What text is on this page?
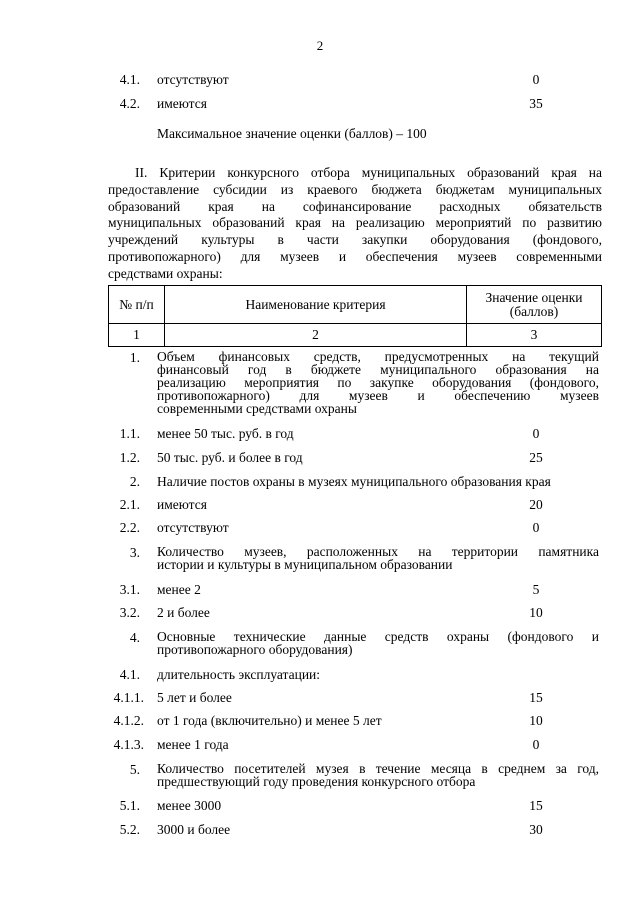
2
4.1. отсутствуют	0
4.2. имеются	35
Максимальное значение оценки (баллов) – 100
II. Критерии конкурсного отбора муниципальных образований края на
предоставление субсидии из краевого бюджета бюджетам муниципальных
образований края на софинансирование расходных обязательств
муниципальных образований края на реализацию мероприятий по развитию
учреждений культуры в части закупки оборудования (фондового,
противопожарного) для музеев и обеспечения музеев современными
средствами охраны:
№ п/п	Наименование критерия	Значение оценки (баллов)
1	2	3
1. Объем финансовых средств, предусмотренных на текущий
финансовый год в бюджете муниципального образования на
реализацию мероприятия по закупке оборудования (фондового,
противопожарного) для музеев и обеспечению музеев
современными средствами охраны
1.1. менее 50 тыс. руб. в год	0
1.2. 50 тыс. руб. и более в год	25
2. Наличие постов охраны в музеях муниципального образования края
2.1. имеются	20
2.2. отсутствуют	0
3. Количество музеев, расположенных на территории памятника
истории и культуры в муниципальном образовании
3.1. менее 2	5
3.2. 2 и более	10
4. Основные технические данные средств охраны (фондового и
противопожарного оборудования)
4.1. длительность эксплуатации:
4.1.1. 5 лет и более	15
4.1.2. от 1 года (включительно) и менее 5 лет	10
4.1.3. менее 1 года	0
5. Количество посетителей музея в течение месяца в среднем за год,
предшествующий году проведения конкурсного отбора
5.1. менее 3000	15
5.2. 3000 и более	30
